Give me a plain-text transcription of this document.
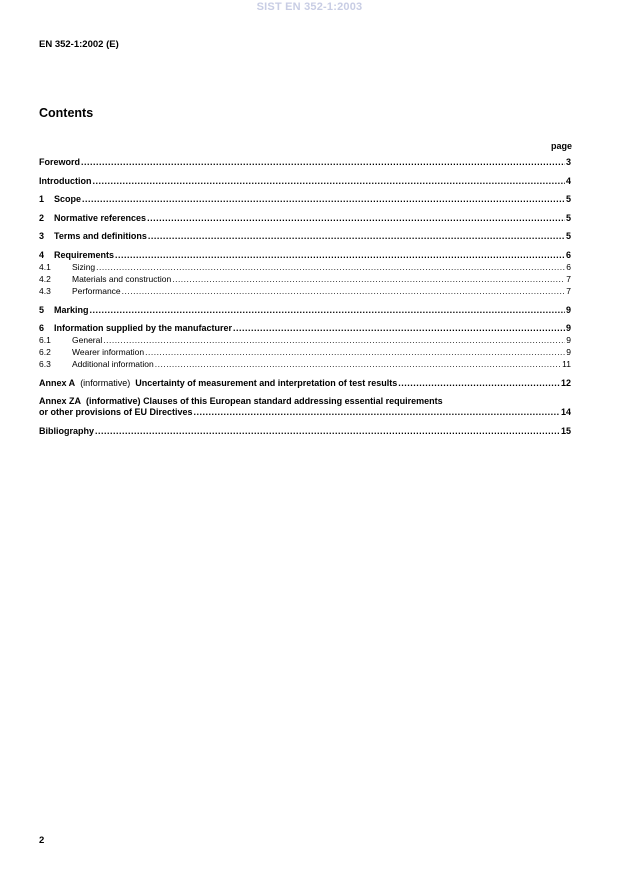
SIST EN 352-1:2003
EN 352-1:2002 (E)
Contents
page
Foreword .....	3
Introduction .....	4
1	Scope .....	5
2	Normative references .....	5
3	Terms and definitions .....	5
4	Requirements .....	6
4.1	Sizing .....	6
4.2	Materials and construction .....	7
4.3	Performance .....	7
5	Marking .....	9
6	Information supplied by the manufacturer .....	9
6.1	General .....	9
6.2	Wearer information .....	9
6.3	Additional information .....	11
Annex A (informative) Uncertainty of measurement and interpretation of test results .....	12
Annex ZA (informative) Clauses of this European standard addressing essential requirements
or other provisions of EU Directives .....	14
Bibliography .....	15
2
